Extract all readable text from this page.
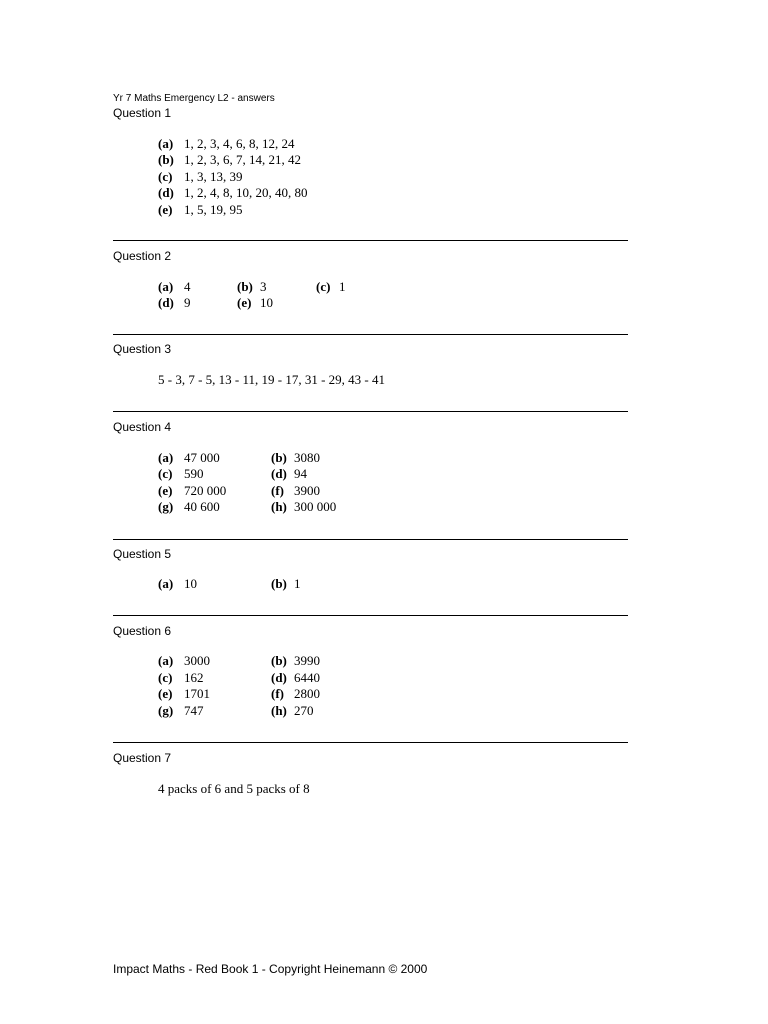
Yr 7 Maths Emergency L2 - answers
Question 1
(a) 1, 2, 3, 4, 6, 8, 12, 24
(b) 1, 2, 3, 6, 7, 14, 21, 42
(c) 1, 3, 13, 39
(d) 1, 2, 4, 8, 10, 20, 40, 80
(e) 1, 5, 19, 95
Question 2
(a) 4	(b) 3	(c) 1
(d) 9	(e) 10
Question 3
5 - 3, 7 - 5, 13 - 11, 19 - 17, 31 - 29, 43 - 41
Question 4
(a) 47 000	(b) 3080
(c) 590	(d) 94
(e) 720 000	(f) 3900
(g) 40 600	(h) 300 000
Question 5
(a) 10	(b) 1
Question 6
(a) 3000	(b) 3990
(c) 162	(d) 6440
(e) 1701	(f) 2800
(g) 747	(h) 270
Question 7
4 packs of 6 and 5 packs of 8
Impact Maths - Red Book 1 - Copyright Heinemann © 2000
